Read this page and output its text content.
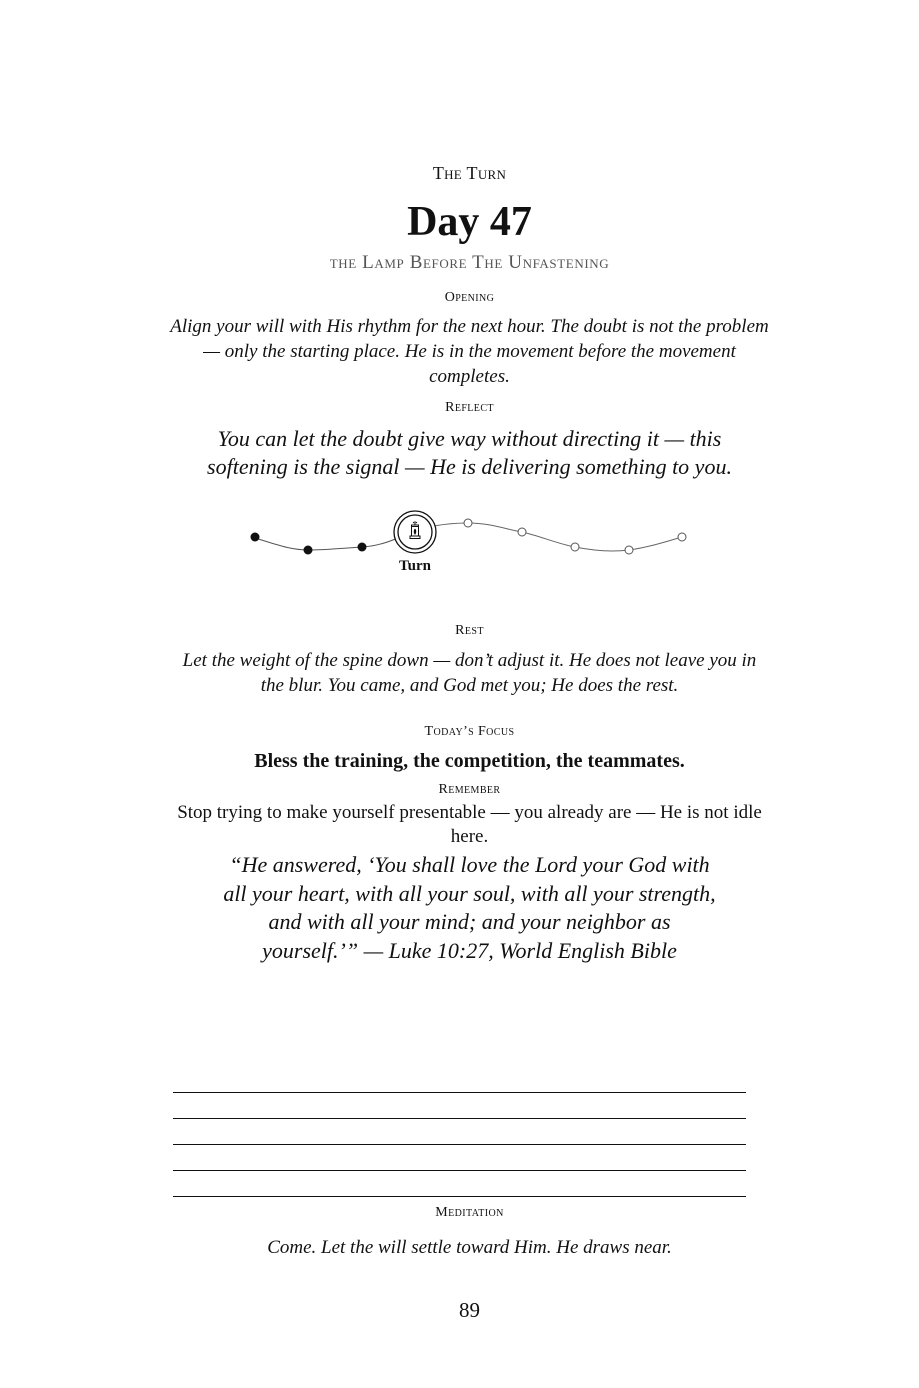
The Turn
Day 47
the Lamp Before The Unfastening
Opening
Align your will with His rhythm for the next hour. The doubt is not the problem — only the starting place. He is in the movement before the movement completes.
Reflect
You can let the doubt give way without directing it — this softening is the signal — He is delivering something to you.
Turn
Rest
Let the weight of the spine down — don’t adjust it. He does not leave you in the blur. You came, and God met you; He does the rest.
Today’s Focus
Bless the training, the competition, the teammates.
Remember
Stop trying to make yourself presentable — you already are — He is not idle here.
“He answered, ‘You shall love the Lord your God with all your heart, with all your soul, with all your strength, and with all your mind; and your neighbor as yourself.’” — Luke 10:27, World English Bible
Meditation
Come. Let the will settle toward Him. He draws near.
89
